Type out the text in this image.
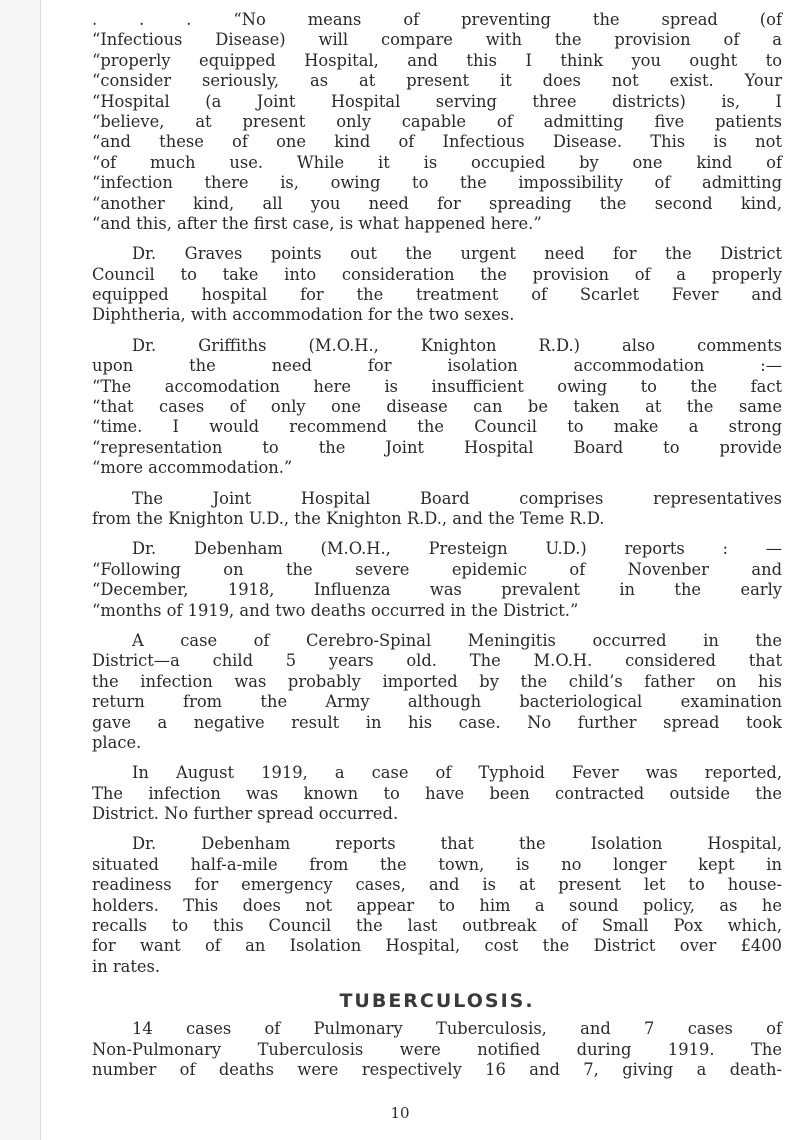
. . . “No means of preventing the spread (of
“Infectious Disease) will compare with the provision of a
“properly equipped Hospital, and this I think you ought to
“consider seriously, as at present it does not exist. Your
“Hospital (a Joint Hospital serving three districts) is, I
“believe, at present only capable of admitting five patients
“and these of one kind of Infectious Disease. This is not
“of much use. While it is occupied by one kind of
“infection there is, owing to the impossibility of admitting
“another kind, all you need for spreading the second kind,
“and this, after the first case, is what happened here.”
Dr. Graves points out the urgent need for the District
Council to take into consideration the provision of a properly
equipped hospital for the treatment of Scarlet Fever and
Diphtheria, with accommodation for the two sexes.
Dr. Griffiths (M.O.H., Knighton R.D.) also comments
upon the need for isolation accommodation :—
“The accomodation here is insufficient owing to the fact
“that cases of only one disease can be taken at the same
“time. I would recommend the Council to make a strong
“representation to the Joint Hospital Board to provide
“more accommodation.”
The Joint Hospital Board comprises representatives
from the Knighton U.D., the Knighton R.D., and the Teme R.D.
Dr. Debenham (M.O.H., Presteign U.D.) reports : —
“Following on the severe epidemic of Novenber and
“December, 1918, Influenza was prevalent in the early
“months of 1919, and two deaths occurred in the District.”
A case of Cerebro-Spinal Meningitis occurred in the
District—a child 5 years old. The M.O.H. considered that
the infection was probably imported by the child’s father on his
return from the Army although bacteriological examination
gave a negative result in his case. No further spread took
place.
In August 1919, a case of Typhoid Fever was reported,
The infection was known to have been contracted outside the
District. No further spread occurred.
Dr. Debenham reports that the Isolation Hospital,
situated half-a-mile from the town, is no longer kept in
readiness for emergency cases, and is at present let to house-
holders. This does not appear to him a sound policy, as he
recalls to this Council the last outbreak of Small Pox which,
for want of an Isolation Hospital, cost the District over £400
in rates.
TUBERCULOSIS.
14 cases of Pulmonary Tuberculosis, and 7 cases of
Non-Pulmonary Tuberculosis were notified during 1919. The
number of deaths were respectively 16 and 7, giving a death-
10
